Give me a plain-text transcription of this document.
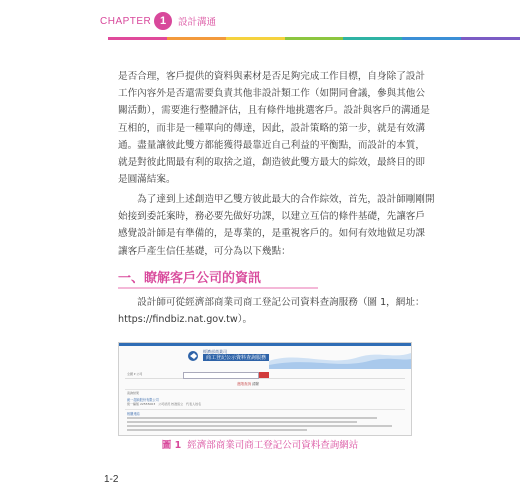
CHAPTER 1	設計溝通

是否合理，客戶提供的資料與素材是否足夠完成工作目標，自身除了設計
工作內容外是否還需要負責其他非設計類工作（如開同會議，參與其他公
關活動），需要進行整體評估，且有條件地挑選客戶。設計與客戶的溝通是
互相的，而非是一種單向的傳達，因此，設計策略的第一步，就是有效溝
通。盡量讓彼此雙方都能獲得最靠近自己利益的平衡點，而設計的本質，
就是對彼此間最有利的取捨之道，創造彼此雙方最大的綜效，最終目的即
是圓滿結案。

　　為了達到上述創造甲乙雙方彼此最大的合作綜效，首先，設計師剛剛開
始接到委託案時，務必要先做好功課，以建立互信的條件基礎，先讓客戶
感覺設計師是有準備的，是專業的，是重視客戶的。如何有效地做足功課
讓客戶產生信任基礎，可分為以下幾點：

一、瞭解客戶公司的資訊

　　設計師可從經濟部商業司商工登記公司資料查詢服務（圖 1，網址：
https://findbiz.nat.gov.tw）。

經濟部商業司
商工登記公示資料查詢服務
全國 ▾ 公司
進階查詢 清除
查詢結果
統一超商股份有限公司
統一編號 22555003　公司狀況 核准設立　代表人姓名
相關連結
圖 1 經濟部商業司商工登記公司資料查詢網站
1-2
